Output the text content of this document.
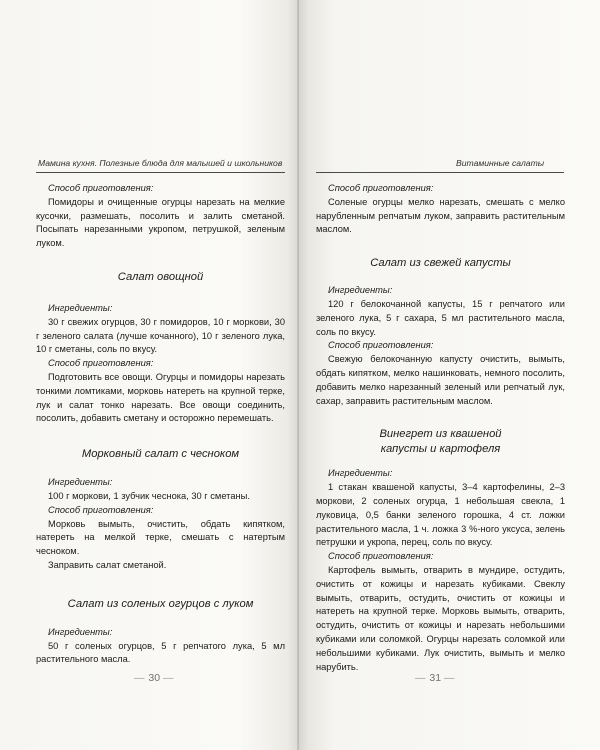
Мамина кухня. Полезные блюда для малышей и школьников

Способ приготовления:

Помидоры и очищенные огурцы нарезать на мелкие кусочки, размешать, посолить и залить сметаной. Посыпать нарезанными укропом, петрушкой, зеленым луком.

Салат овощной

Ингредиенты:

30 г свежих огурцов, 30 г помидоров, 10 г моркови, 30 г зеленого салата (лучше кочанного), 10 г зеленого лука, 10 г сметаны, соль по вкусу.

Способ приготовления:

Подготовить все овощи. Огурцы и помидоры нарезать тонкими ломтиками, морковь натереть на крупной терке, лук и салат тонко нарезать. Все овощи соединить, посолить, добавить сметану и осторожно перемешать.

Морковный салат с чесноком

Ингредиенты:

100 г моркови, 1 зубчик чеснока, 30 г сметаны.

Способ приготовления:

Морковь вымыть, очистить, обдать кипятком, натереть на мелкой терке, смешать с натертым чесноком.

Заправить салат сметаной.

Салат из соленых огурцов с луком

Ингредиенты:

50 г соленых огурцов, 5 г репчатого лука, 5 мл растительного масла.

— 30 —
Витаминные салаты

Способ приготовления:

Соленые огурцы мелко нарезать, смешать с мелко нарубленным репчатым луком, заправить растительным маслом.

Салат из свежей капусты

Ингредиенты:

120 г белокочанной капусты, 15 г репчатого или зеленого лука, 5 г сахара, 5 мл растительного масла, соль по вкусу.

Способ приготовления:

Свежую белокочанную капусту очистить, вымыть, обдать кипятком, мелко нашинковать, немного посолить, добавить мелко нарезанный зеленый или репчатый лук, сахар, заправить растительным маслом.

Винегрет из квашеной

капусты и картофеля

Ингредиенты:

1 стакан квашеной капусты, 3–4 картофелины, 2–3 моркови, 2 соленых огурца, 1 небольшая свекла, 1 луковица, 0,5 банки зеленого горошка, 4 ст. ложки растительного масла, 1 ч. ложка 3 %-ного уксуса, зелень петрушки и укропа, перец, соль по вкусу.

Способ приготовления:

Картофель вымыть, отварить в мундире, остудить, очистить от кожицы и нарезать кубиками. Свеклу вымыть, отварить, остудить, очистить от кожицы и натереть на крупной терке. Морковь вымыть, отварить, остудить, очистить от кожицы и нарезать небольшими кубиками или соломкой. Огурцы нарезать соломкой или небольшими кубиками. Лук очистить, вымыть и мелко нарубить.

— 31 —
